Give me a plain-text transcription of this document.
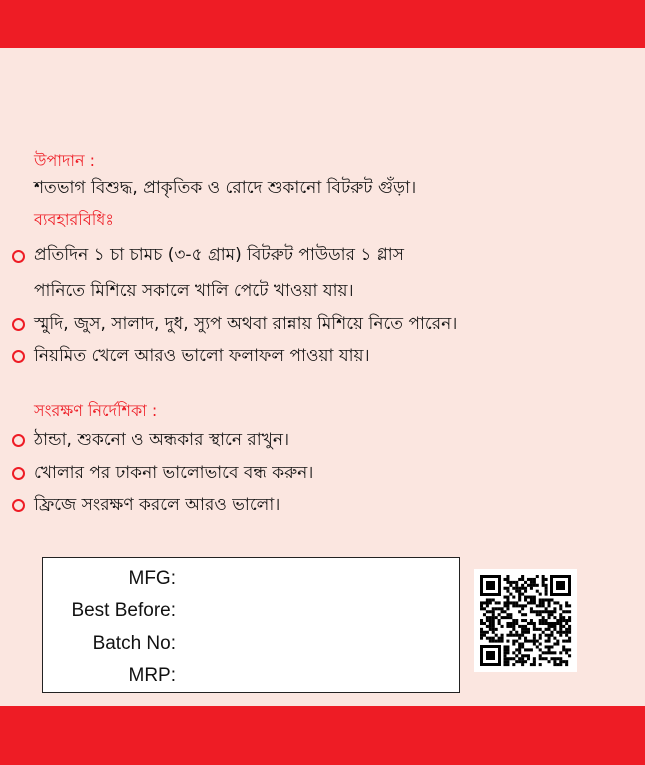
উপাদান :
শতভাগ বিশুদ্ধ, প্রাকৃতিক ও রোদে শুকানো বিটরুট গুঁড়া।
ব্যবহারবিধিঃ
প্রতিদিন ১ চা চামচ (৩-৫ গ্রাম) বিটরুট পাউডার ১ গ্লাস
পানিতে মিশিয়ে সকালে খালি পেটে খাওয়া যায়।
স্মুদি, জুস, সালাদ, দুধ, স্যুপ অথবা রান্নায় মিশিয়ে নিতে পারেন।
নিয়মিত খেলে আরও ভালো ফলাফল পাওয়া যায়।
সংরক্ষণ নির্দেশিকা :
ঠান্ডা, শুকনো ও অন্ধকার স্থানে রাখুন।
খোলার পর ঢাকনা ভালোভাবে বন্ধ করুন।
ফ্রিজে সংরক্ষণ করলে আরও ভালো।
MFG:
Best Before:
Batch No:
MRP:
